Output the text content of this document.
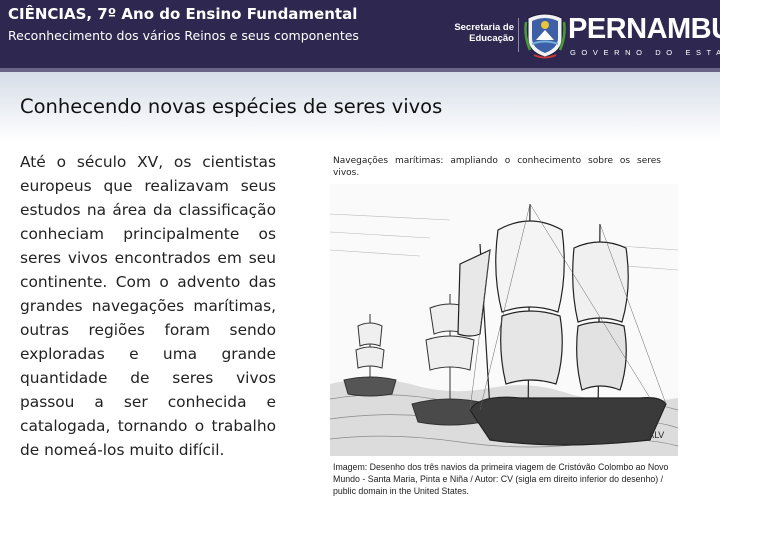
CIÊNCIAS, 7º Ano do Ensino Fundamental
Reconhecimento dos vários Reinos e seus componentes
Secretaria de
Educação PERNAMBUCO
GOVERNO DO ESTADO
Conhecendo novas espécies de seres vivos

Até o século XV, os cientistas europeus que realizavam seus estudos na área da classificação conheciam principalmente os seres vivos encontrados em seu continente. Com o advento das grandes navegações marítimas, outras regiões foram sendo exploradas e uma grande quantidade de seres vivos passou a ser conhecida e catalogada, tornando o trabalho de nomeá-los muito difícil.

Navegações marítimas: ampliando o conhecimento sobre os seres vivos.

ALV

Imagem: Desenho dos três navios da primeira viagem de Cristóvão Colombo ao Novo Mundo - Santa Maria, Pinta e Niña / Autor: CV (sigla em direito inferior do desenho) / public domain in the United States.
